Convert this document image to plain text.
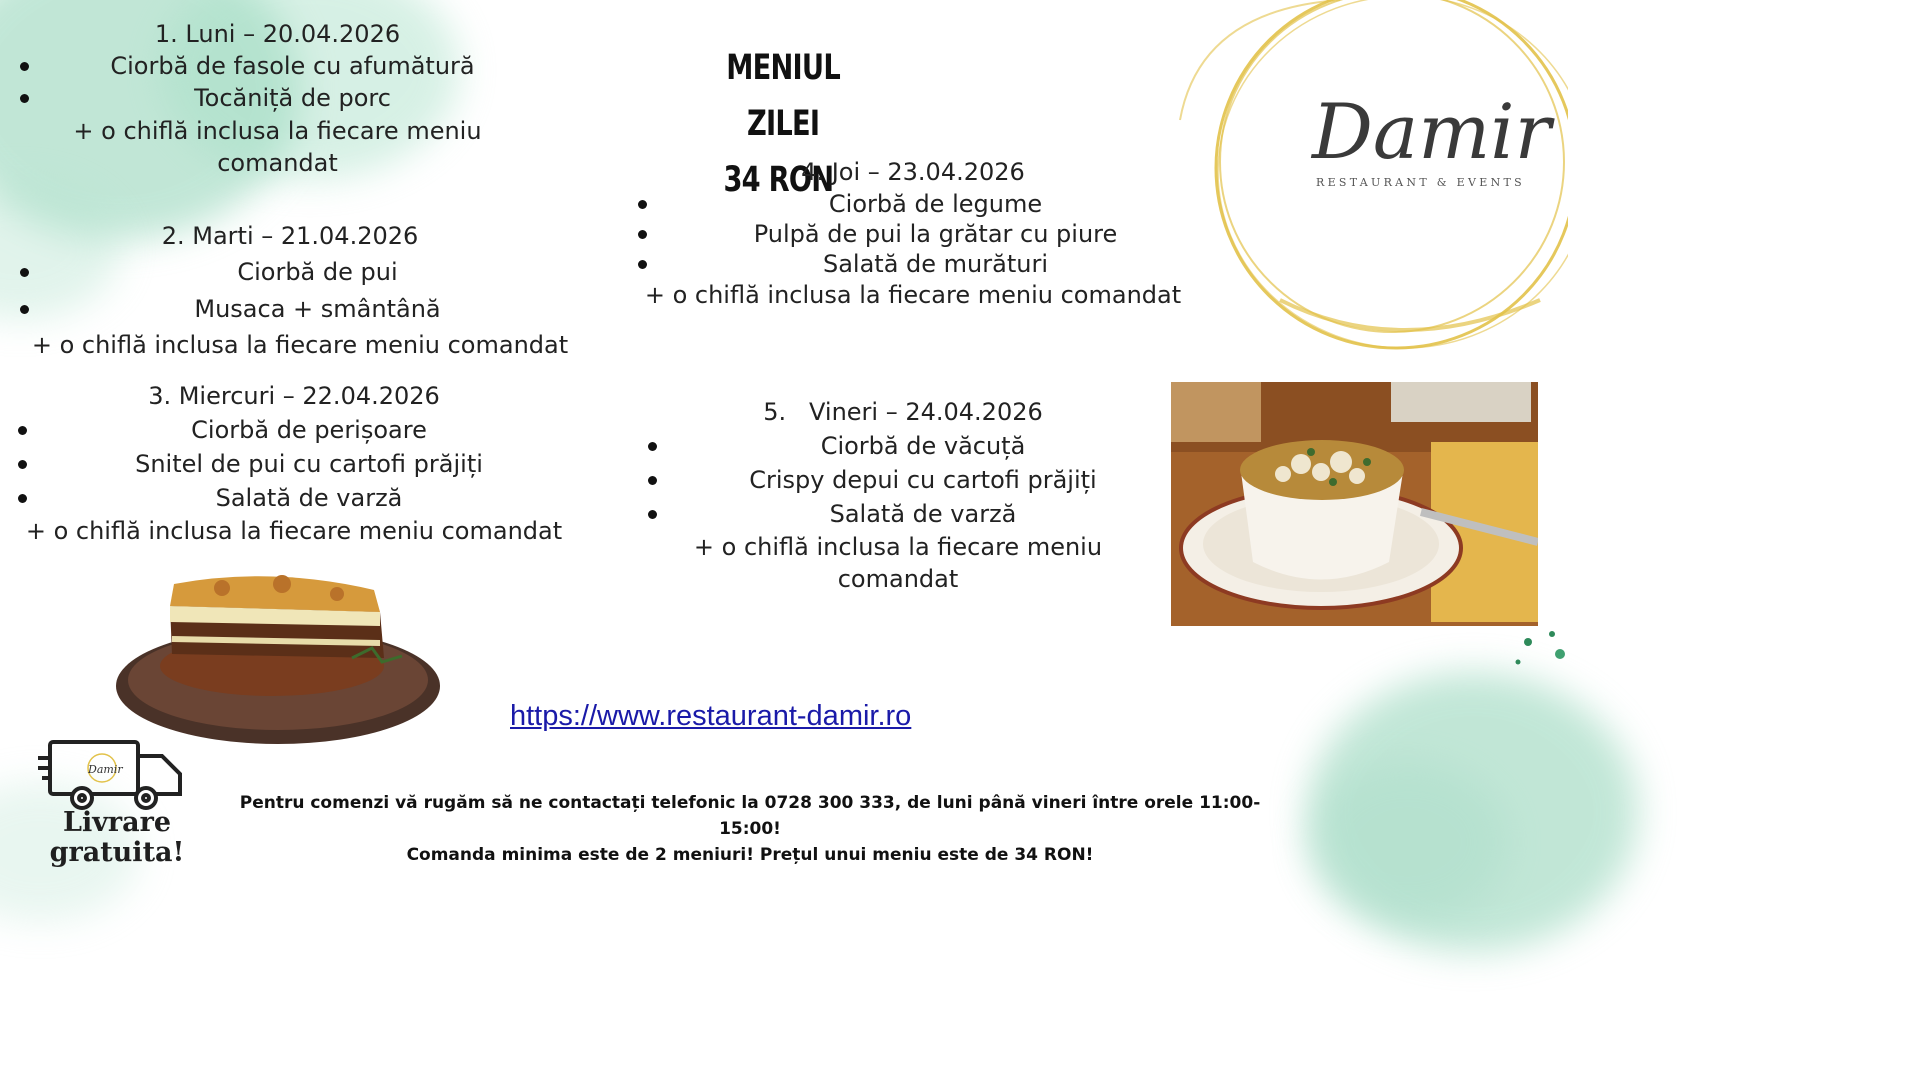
MENIUL ZILEI
34 RON

1. Luni – 20.04.2026

Ciorbă de fasole cu afumătură
Tocăniță de porc

+ o chiflă inclusa la fiecare meniu

comandat

2. Marti – 21.04.2026

Ciorbă de pui
Musaca + smântână

+ o chiflă inclusa la fiecare meniu comandat

3. Miercuri – 22.04.2026

Ciorbă de perișoare
Snitel de pui cu cartofi prăjiți
Salată de varză

+ o chiflă inclusa la fiecare meniu comandat

4. Joi – 23.04.2026

Ciorbă de legume
Pulpă de pui la grătar cu piure
Salată de murături

+ o chiflă inclusa la fiecare meniu comandat

5.   Vineri – 24.04.2026

Ciorbă de văcuță
Crispy depui cu cartofi prăjiți
Salată de varză

+ o chiflă inclusa la fiecare meniu

comandat

Damir
RESTAURANT & EVENTS
https://www.restaurant-damir.ro
Pentru comenzi vă rugăm să ne contactați telefonic la 0728 300 333, de luni până vineri între orele 11:00-15:00!
Comanda minima este de 2 meniuri! Prețul unui meniu este de 34 RON!
Damir
Livrare
gratuita!
